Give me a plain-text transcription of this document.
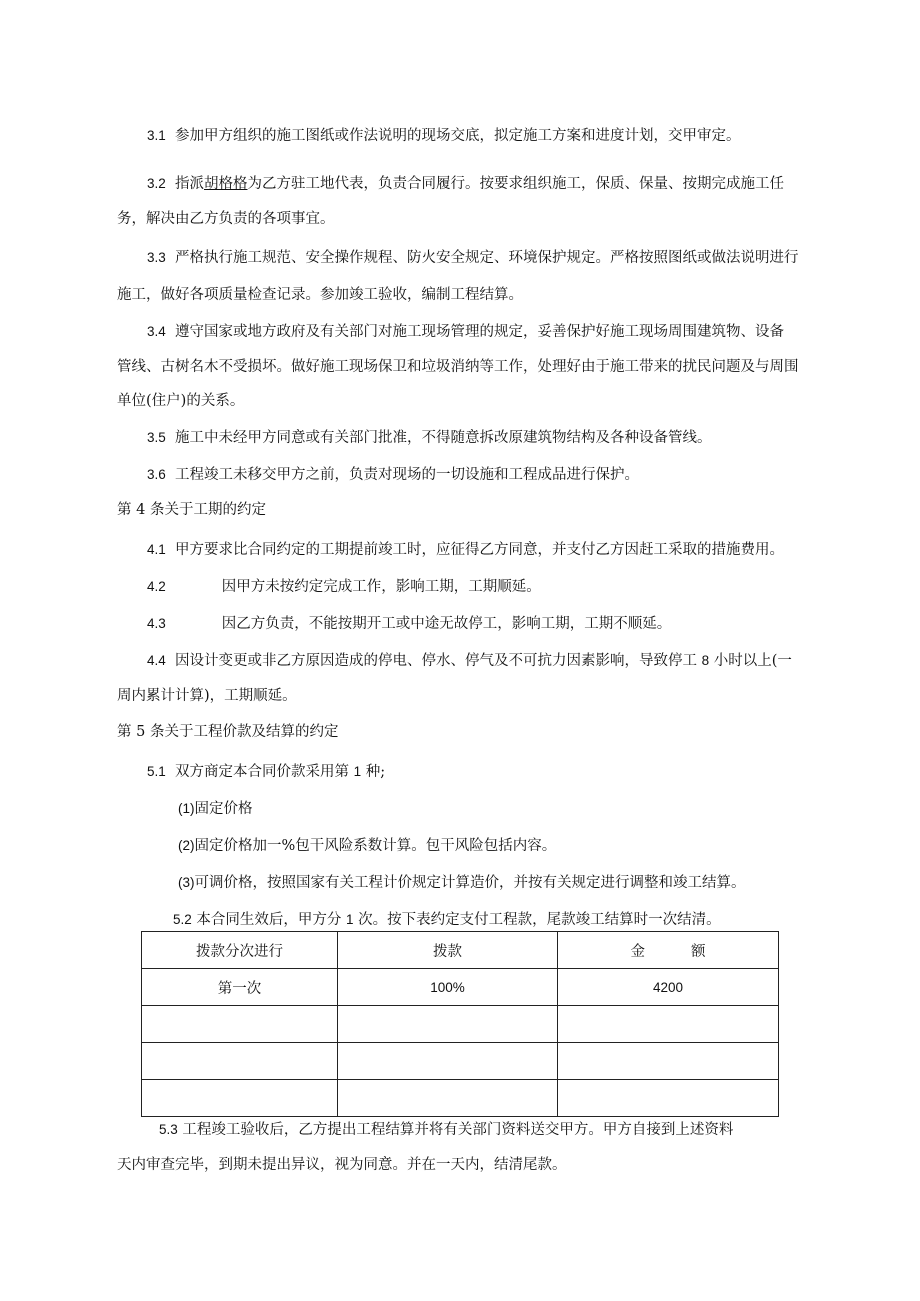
3.1 参加甲方组织的施工图纸或作法说明的现场交底，拟定施工方案和进度计划，交甲审定。
3.2 指派胡格格为乙方驻工地代表，负责合同履行。按要求组织施工，保质、保量、按期完成施工任
务，解决由乙方负责的各项事宜。
3.3 严格执行施工规范、安全操作规程、防火安全规定、环境保护规定。严格按照图纸或做法说明进行
施工，做好各项质量检查记录。参加竣工验收，编制工程结算。
3.4 遵守国家或地方政府及有关部门对施工现场管理的规定，妥善保护好施工现场周围建筑物、设备
管线、古树名木不受损坏。做好施工现场保卫和垃圾消纳等工作，处理好由于施工带来的扰民问题及与周围
单位(住户)的关系。
3.5 施工中未经甲方同意或有关部门批准，不得随意拆改原建筑物结构及各种设备管线。
3.6 工程竣工未移交甲方之前，负责对现场的一切设施和工程成品进行保护。
第 4 条关于工期的约定
4.1 甲方要求比合同约定的工期提前竣工时，应征得乙方同意，并支付乙方因赶工采取的措施费用。
4.2	因甲方未按约定完成工作，影响工期，工期顺延。
4.3	因乙方负责，不能按期开工或中途无故停工，影响工期，工期不顺延。
4.4 因设计变更或非乙方原因造成的停电、停水、停气及不可抗力因素影响，导致停工 8 小时以上(一
周内累计计算)，工期顺延。
第 5 条关于工程价款及结算的约定
5.1 双方商定本合同价款采用第 1 种;
(1)固定价格
(2)固定价格加一%包干风险系数计算。包干风险包括内容。
(3)可调价格，按照国家有关工程计价规定计算造价，并按有关规定进行调整和竣工结算。
5.2 本合同生效后，甲方分 1 次。按下表约定支付工程款，尾款竣工结算时一次结清。
拨款分次进行	拨款	金 额
第一次	100%	4200

5.3 工程竣工验收后，乙方提出工程结算并将有关部门资料送交甲方。甲方自接到上述资料
天内审查完毕，到期未提出异议，视为同意。并在一天内，结清尾款。
